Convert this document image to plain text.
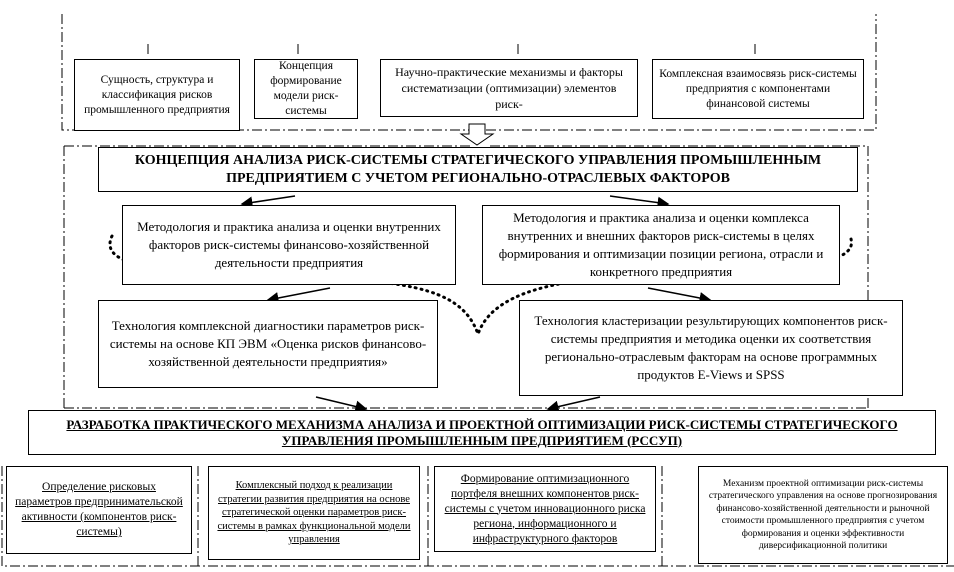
Сущность, структура и классификация рисков промышленного предприятия
Концепция формирование модели риск-системы
Научно-практические механизмы и факторы систематизации (оптимизации) элементов риск-
Комплексная взаимосвязь риск-системы предприятия с компонентами финансовой системы
КОНЦЕПЦИЯ АНАЛИЗА РИСК-СИСТЕМЫ СТРАТЕГИЧЕСКОГО УПРАВЛЕНИЯ ПРОМЫШЛЕННЫМ ПРЕДПРИЯТИЕМ С УЧЕТОМ РЕГИОНАЛЬНО-ОТРАСЛЕВЫХ ФАКТОРОВ
Методология и практика анализа и оценки внутренних факторов риск-системы финансово-хозяйственной деятельности предприятия
Методология и практика анализа и оценки комплекса внутренних и внешних факторов риск-системы в целях формирования и оптимизации позиции региона, отрасли и конкретного предприятия
Технология комплексной диагностики параметров риск-системы на основе КП ЭВМ «Оценка рисков финансово-хозяйственной деятельности предприятия»
Технология кластеризации результирующих компонентов риск-системы предприятия и методика оценки их соответствия регионально-отраслевым факторам на основе программных продуктов E-Views и SPSS
РАЗРАБОТКА ПРАКТИЧЕСКОГО МЕХАНИЗМА АНАЛИЗА И ПРОЕКТНОЙ ОПТИМИЗАЦИИ РИСК-СИСТЕМЫ СТРАТЕГИЧЕСКОГО УПРАВЛЕНИЯ ПРОМЫШЛЕННЫМ ПРЕДПРИЯТИЕМ (РССУП)
Определение рисковых параметров предпринимательской активности (компонентов риск-системы)
Комплексный подход к реализации стратегии развития предприятия на основе стратегической оценки параметров риск-системы в рамках функциональной модели управления
Формирование оптимизационного портфеля внешних компонентов риск-системы с учетом инновационного риска региона, информационного и инфраструктурного факторов
Механизм проектной оптимизации риск-системы стратегического управления на основе прогнозирования финансово-хозяйственной деятельности и рыночной стоимости промышленного предприятия с учетом формирования и оценки эффективности диверсификационной политики
